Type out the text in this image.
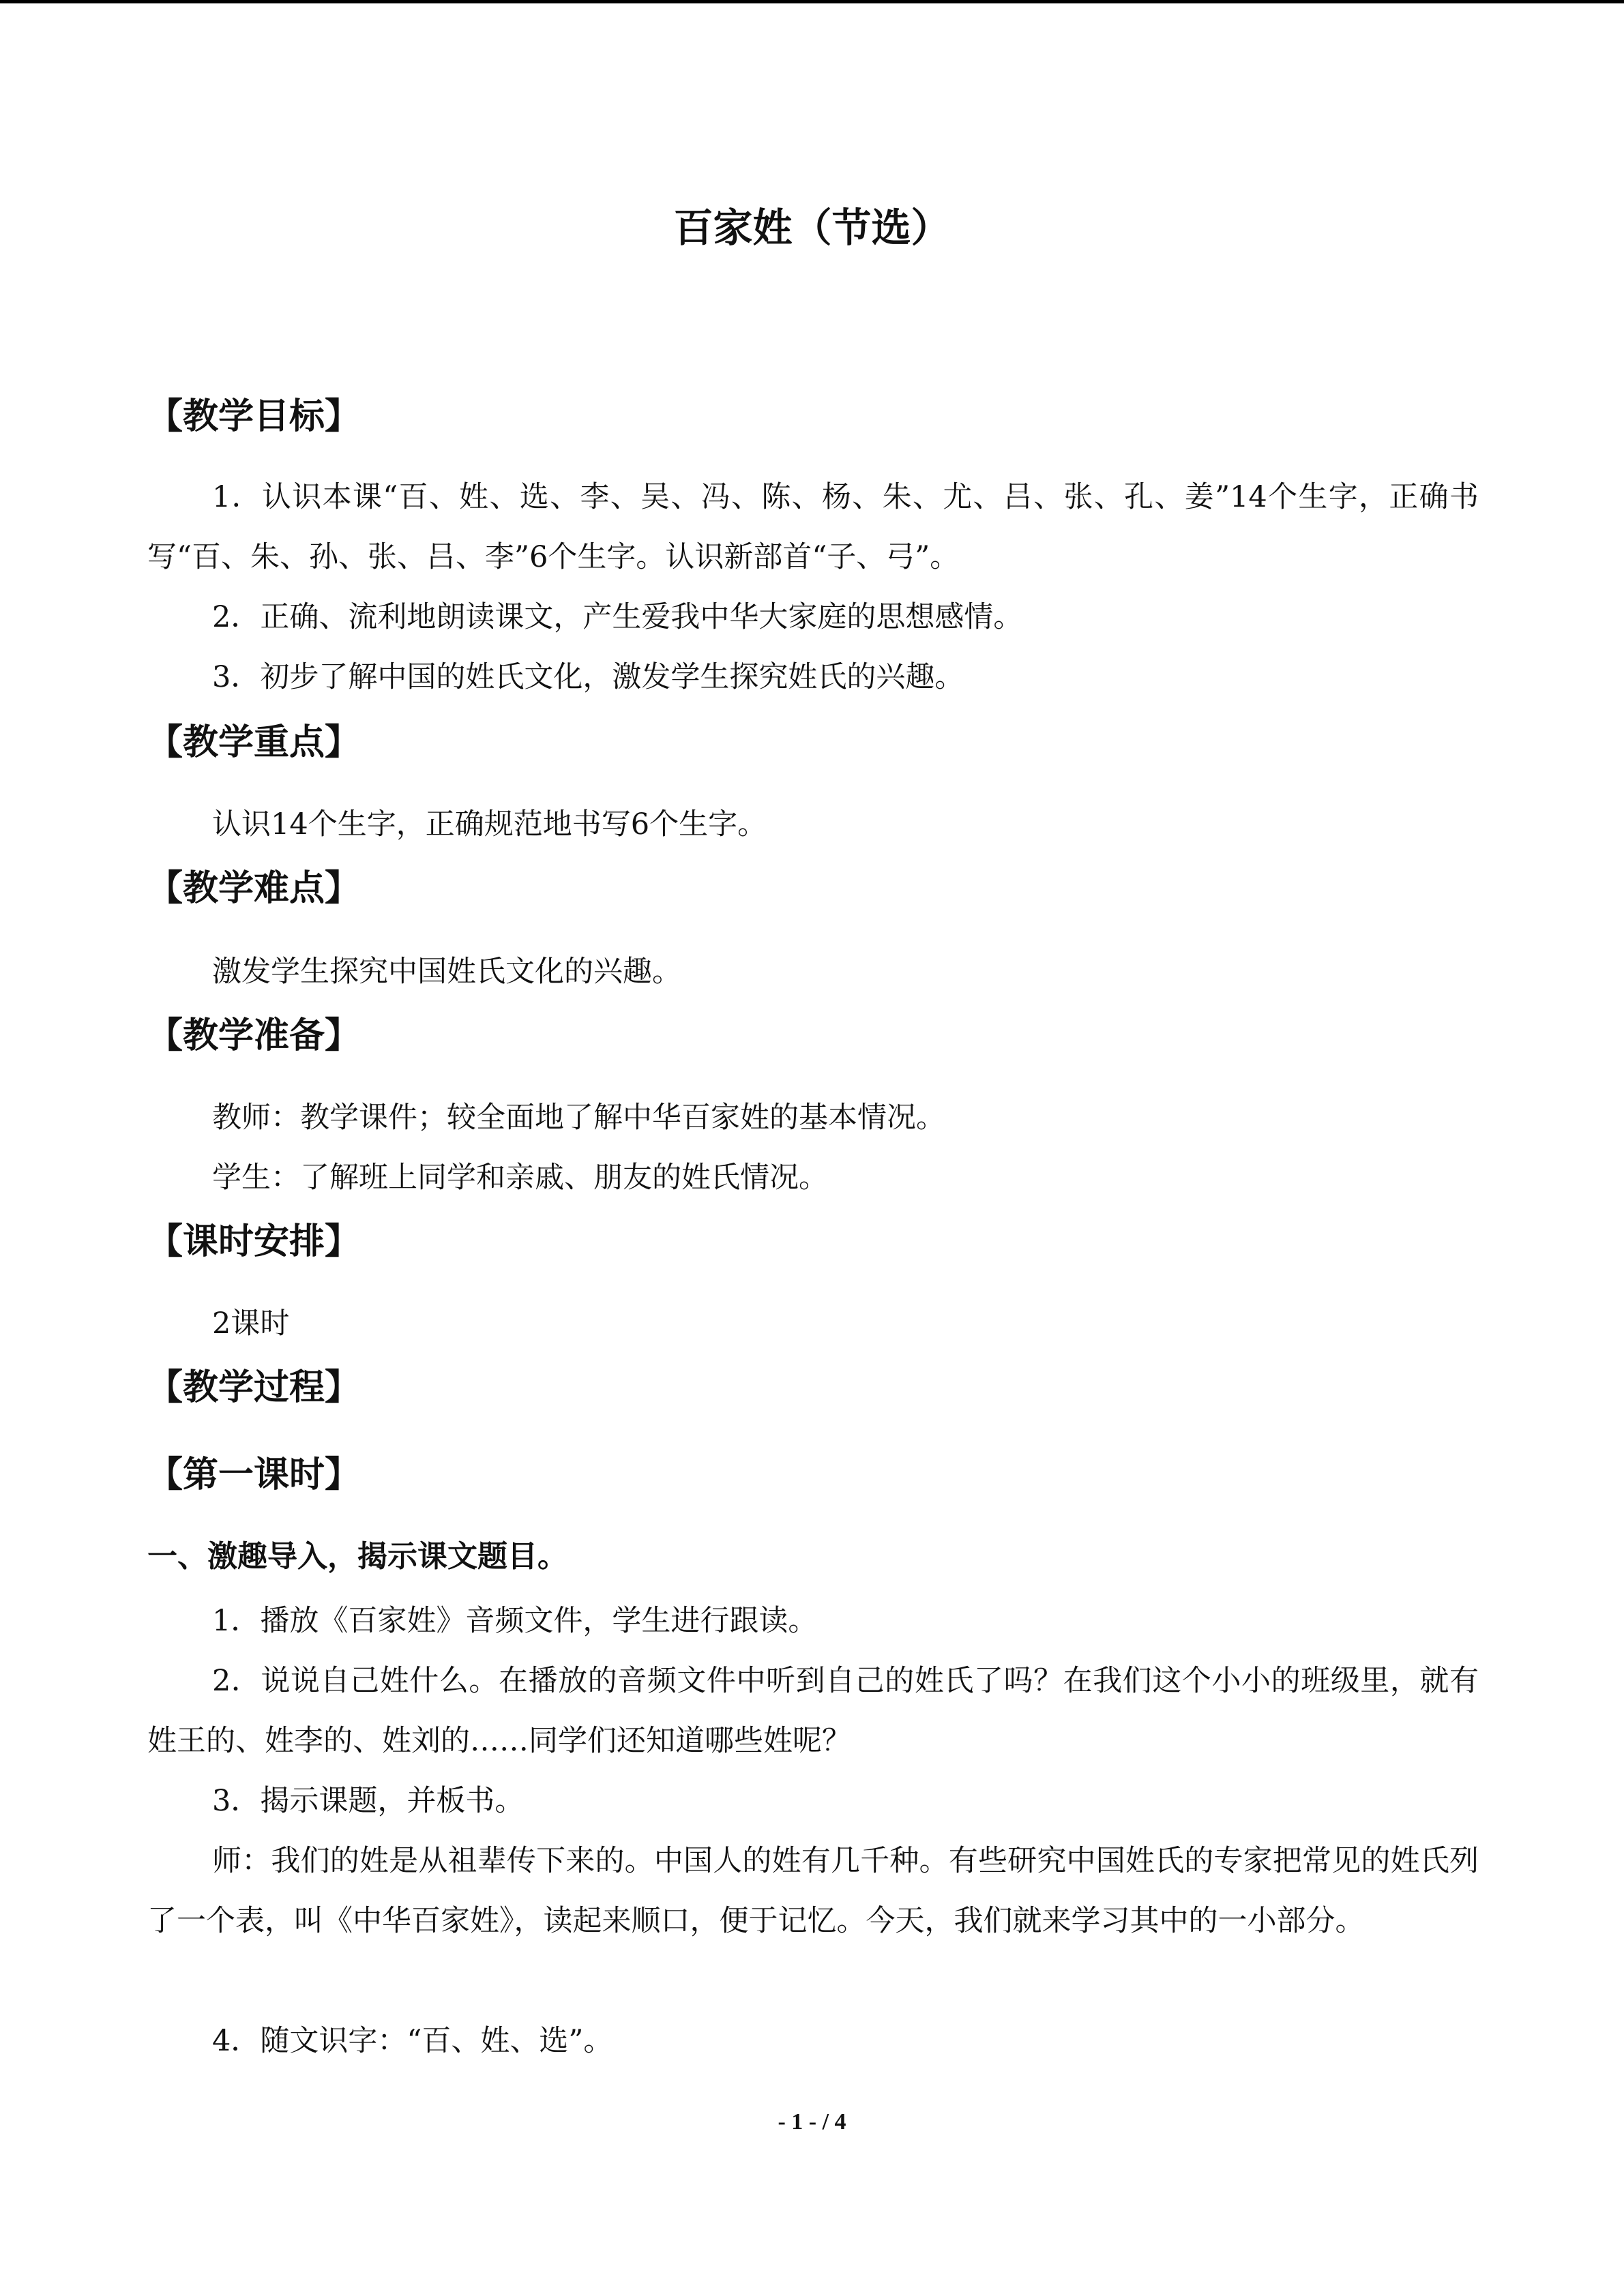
百家姓（节选）
【教学目标】

1．认识本课“百、姓、选、李、吴、冯、陈、杨、朱、尤、吕、张、孔、姜”14个生字，正确书写“百、朱、孙、张、吕、李”6个生字。认识新部首“子、弓”。

2．正确、流利地朗读课文，产生爱我中华大家庭的思想感情。

3．初步了解中国的姓氏文化，激发学生探究姓氏的兴趣。

【教学重点】

认识14个生字，正确规范地书写6个生字。

【教学难点】

激发学生探究中国姓氏文化的兴趣。

【教学准备】

教师：教学课件；较全面地了解中华百家姓的基本情况。

学生：了解班上同学和亲戚、朋友的姓氏情况。

【课时安排】

2课时

【教学过程】
【第一课时】
一、激趣导入，揭示课文题目。

1．播放《百家姓》音频文件，学生进行跟读。

2．说说自己姓什么。在播放的音频文件中听到自己的姓氏了吗？在我们这个小小的班级里，就有姓王的、姓李的、姓刘的……同学们还知道哪些姓呢？

3．揭示课题，并板书。

师：我们的姓是从祖辈传下来的。中国人的姓有几千种。有些研究中国姓氏的专家把常见的姓氏列了一个表，叫《中华百家姓》，读起来顺口，便于记忆。今天，我们就来学习其中的一小部分。

4．随文识字：“百、姓、选”。

- 1 - / 4
